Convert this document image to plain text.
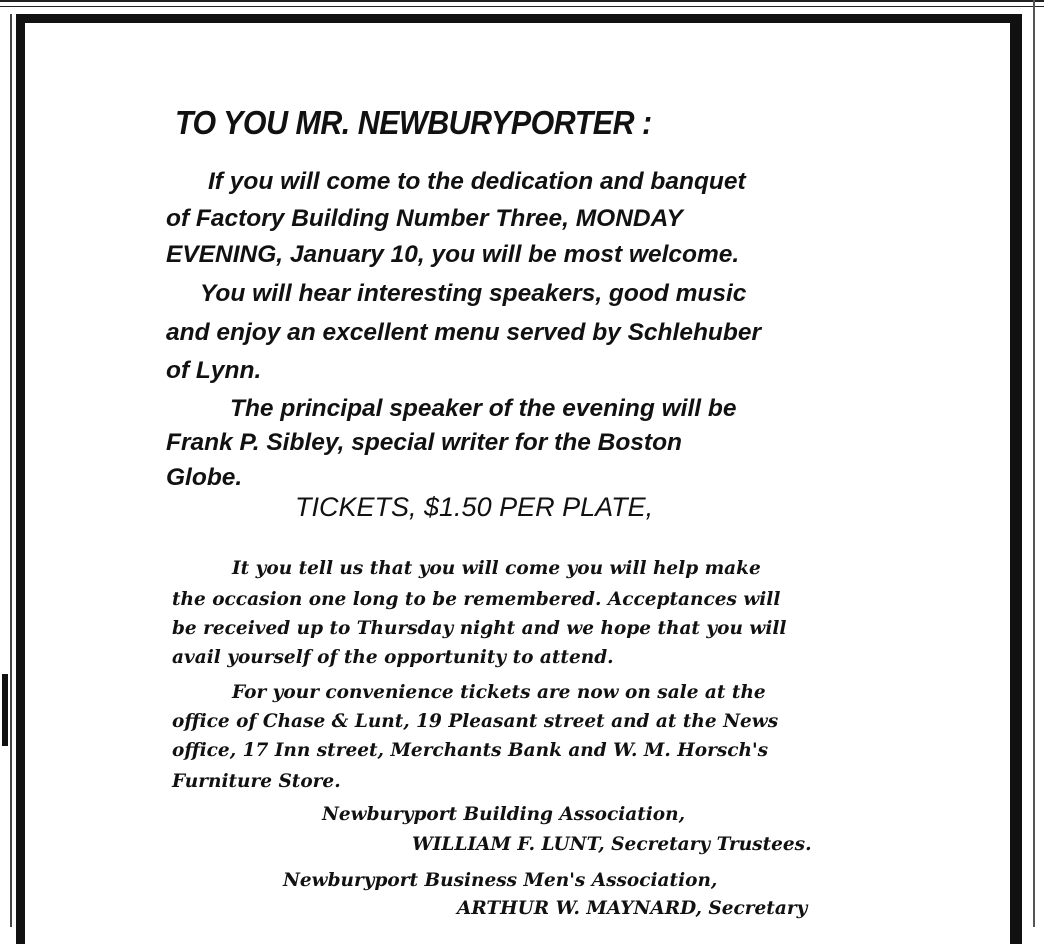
TO YOU MR. NEWBURYPORTER :
If you will come to the dedication and banquet
of Factory Building Number Three, MONDAY
EVENING, January 10, you will be most welcome.
You will hear interesting speakers, good music
and enjoy an excellent menu served by Schlehuber
of Lynn.
The principal speaker of the evening will be
Frank P. Sibley, special writer for the Boston
Globe.
TICKETS, $1.50 PER PLATE,
It you tell us that you will come you will help make
the occasion one long to be remembered. Acceptances will
be received up to Thursday night and we hope that you will
avail yourself of the opportunity to attend.
For your convenience tickets are now on sale at the
office of Chase & Lunt, 19 Pleasant street and at the News
office, 17 Inn street, Merchants Bank and W. M. Horsch's
Furniture Store.
Newburyport Building Association,
WILLIAM F. LUNT, Secretary Trustees.
Newburyport Business Men's Association,
ARTHUR W. MAYNARD, Secretary
